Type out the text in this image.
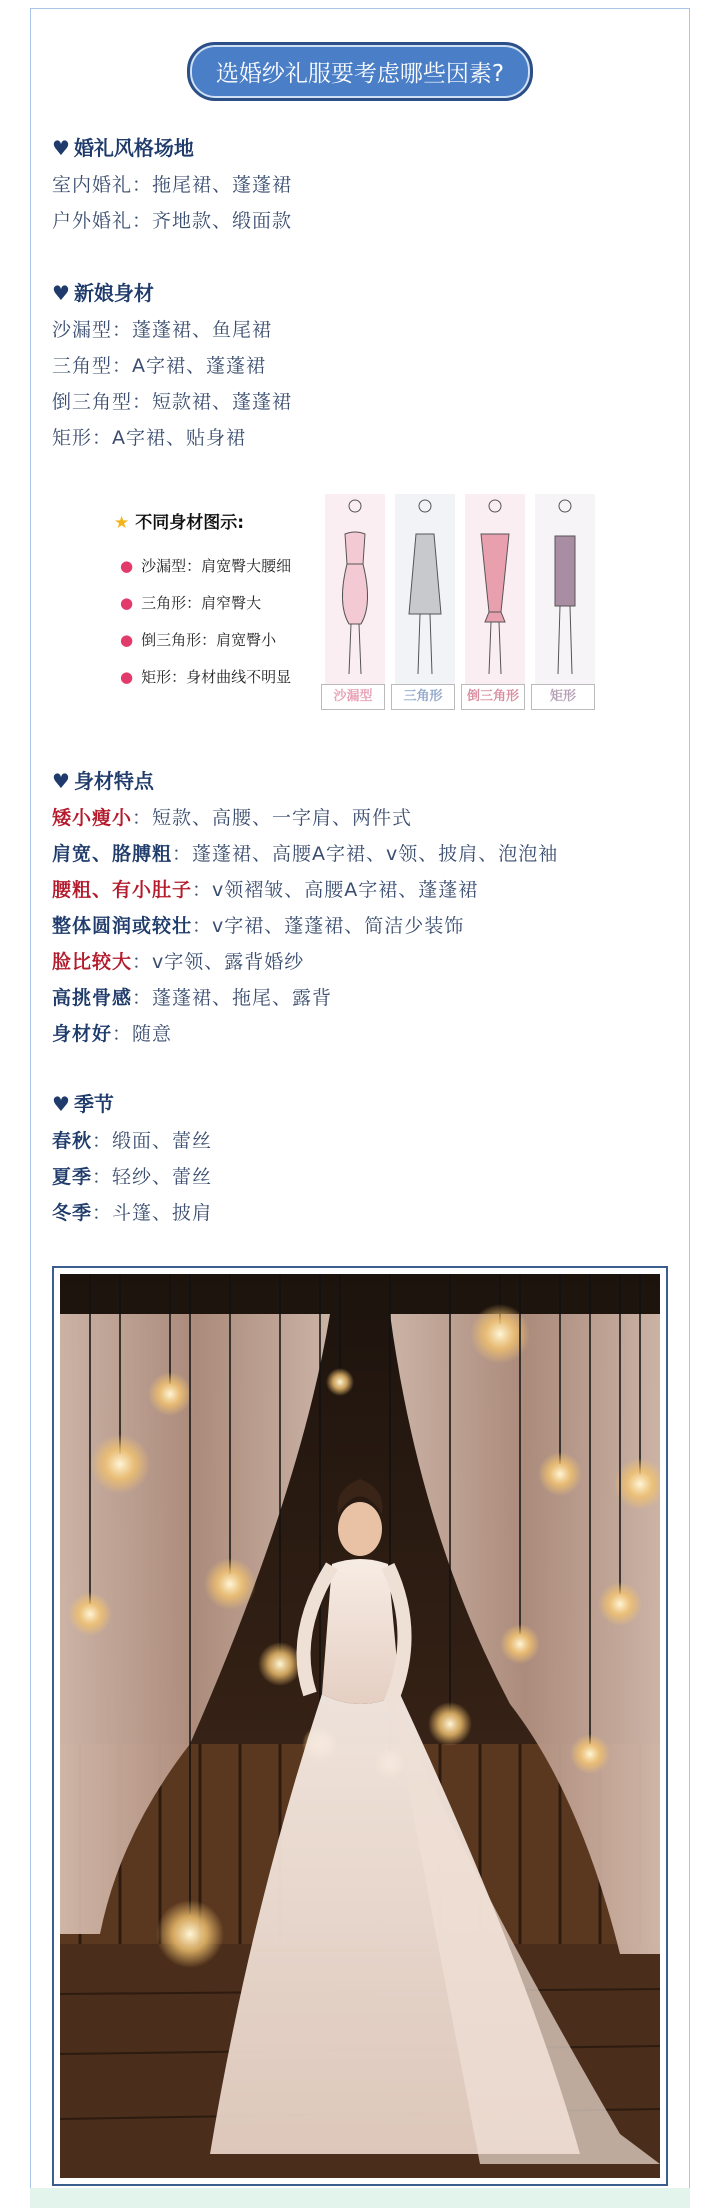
选婚纱礼服要考虑哪些因素?
♥ 婚礼风格场地
室内婚礼：拖尾裙、蓬蓬裙
户外婚礼：齐地款、缎面款
♥ 新娘身材
沙漏型：蓬蓬裙、鱼尾裙
三角型：A字裙、蓬蓬裙
倒三角型：短款裙、蓬蓬裙
矩形：A字裙、贴身裙
★ 不同身材图示:
● 沙漏型：肩宽臀大腰细
● 三角形：肩窄臀大
● 倒三角形：肩宽臀小
● 矩形：身材曲线不明显
沙漏型	三角形	倒三角形	矩形
♥ 身材特点
矮小瘦小：短款、高腰、一字肩、两件式
肩宽、胳膊粗：蓬蓬裙、高腰A字裙、v领、披肩、泡泡袖
腰粗、有小肚子：v领褶皱、高腰A字裙、蓬蓬裙
整体圆润或较壮：v字裙、蓬蓬裙、简洁少装饰
脸比较大：v字领、露背婚纱
高挑骨感：蓬蓬裙、拖尾、露背
身材好：随意
♥ 季节
春秋：缎面、蕾丝
夏季：轻纱、蕾丝
冬季：斗篷、披肩
